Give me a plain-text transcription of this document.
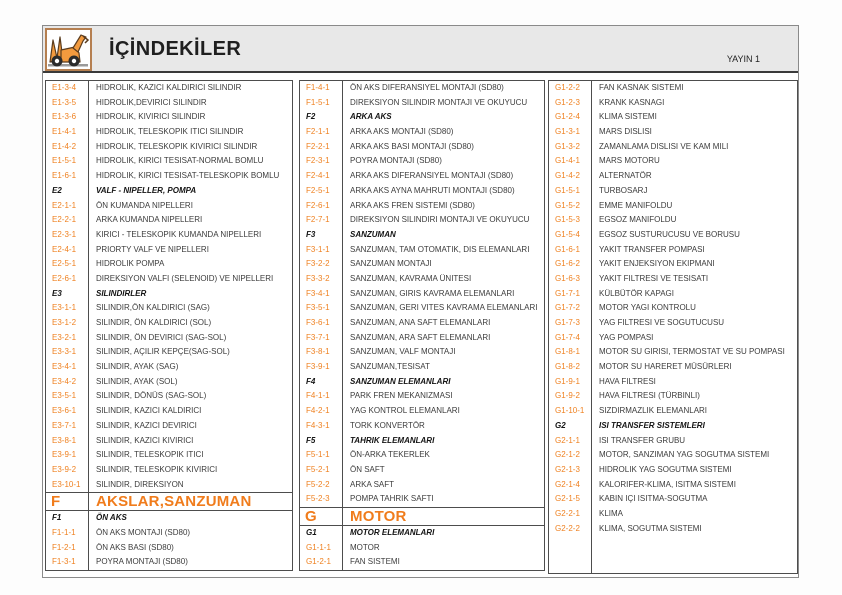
İÇİNDEKİLER	YAYIN 1
E1-3-4	HIDROLIK, KAZICI KALDIRICI SILINDIR
E1-3-5	HIDROLIK,DEVIRICI SILINDIR
E1-3-6	HIDROLIK, KIVIRICI SILINDIR
E1-4-1	HIDROLIK, TELESKOPIK ITICI SILINDIR
E1-4-2	HIDROLIK, TELESKOPIK KIVIRICI SILINDIR
E1-5-1	HIDROLIK, KIRICI TESISAT-NORMAL BOMLU
E1-6-1	HIDROLIK, KIRICI TESISAT-TELESKOPIK BOMLU
E2	VALF - NIPELLER, POMPA
E2-1-1	ÖN KUMANDA NIPELLERI
E2-2-1	ARKA KUMANDA NIPELLERI
E2-3-1	KIRICI - TELESKOPIK KUMANDA NIPELLERI
E2-4-1	PRIORTY VALF VE NIPELLERI
E2-5-1	HIDROLIK POMPA
E2-6-1	DIREKSIYON VALFI (SELENOID) VE NIPELLERI
E3	SILINDIRLER
E3-1-1	SILINDIR,ÖN KALDIRICI (SAG)
E3-1-2	SILINDIR, ÖN KALDIRICI (SOL)
E3-2-1	SILINDIR, ÖN DEVIRICI (SAG-SOL)
E3-3-1	SILINDIR, AÇILIR KEPÇE(SAG-SOL)
E3-4-1	SILINDIR, AYAK (SAG)
E3-4-2	SILINDIR, AYAK (SOL)
E3-5-1	SILINDIR, DÖNÜS (SAG-SOL)
E3-6-1	SILINDIR, KAZICI KALDIRICI
E3-7-1	SILINDIR, KAZICI DEVIRICI
E3-8-1	SILINDIR, KAZICI KIVIRICI
E3-9-1	SILINDIR, TELESKOPIK ITICI
E3-9-2	SILINDIR, TELESKOPIK KIVIRICI
E3-10-1	SILINDIR, DIREKSIYON
F	AKSLAR,SANZUMAN
F1	ÖN AKS
F1-1-1	ÖN AKS MONTAJI (SD80)
F1-2-1	ÖN AKS BASI (SD80)
F1-3-1	POYRA MONTAJI (SD80)
F1-4-1	ÖN AKS DIFERANSIYEL MONTAJI (SD80)
F1-5-1	DIREKSIYON SILINDIR MONTAJI VE OKUYUCU
F2	ARKA AKS
F2-1-1	ARKA AKS MONTAJI (SD80)
F2-2-1	ARKA AKS BASI MONTAJI (SD80)
F2-3-1	POYRA MONTAJI (SD80)
F2-4-1	ARKA AKS DIFERANSIYEL MONTAJI (SD80)
F2-5-1	ARKA AKS AYNA MAHRUTI MONTAJI (SD80)
F2-6-1	ARKA AKS FREN SISTEMI (SD80)
F2-7-1	DIREKSIYON SILINDIRI MONTAJI VE OKUYUCU
F3	SANZUMAN
F3-1-1	SANZUMAN, TAM OTOMATIK, DIS ELEMANLARI
F3-2-2	SANZUMAN MONTAJI
F3-3-2	SANZUMAN, KAVRAMA ÜNITESI
F3-4-1	SANZUMAN, GIRIS KAVRAMA ELEMANLARI
F3-5-1	SANZUMAN, GERI VITES KAVRAMA ELEMANLARI
F3-6-1	SANZUMAN, ANA SAFT ELEMANLARI
F3-7-1	SANZUMAN, ARA SAFT ELEMANLARI
F3-8-1	SANZUMAN, VALF MONTAJI
F3-9-1	SANZUMAN,TESISAT
F4	SANZUMAN ELEMANLARI
F4-1-1	PARK FREN MEKANIZMASI
F4-2-1	YAG KONTROL ELEMANLARI
F4-3-1	TORK KONVERTÖR
F5	TAHRIK ELEMANLARI
F5-1-1	ÖN-ARKA TEKERLEK
F5-2-1	ÖN SAFT
F5-2-2	ARKA SAFT
F5-2-3	POMPA TAHRIK SAFTI
G	MOTOR
G1	MOTOR ELEMANLARI
G1-1-1	MOTOR
G1-2-1	FAN SISTEMI
G1-2-2	FAN KASNAK SISTEMI
G1-2-3	KRANK KASNAGI
G1-2-4	KLIMA SISTEMI
G1-3-1	MARS DISLISI
G1-3-2	ZAMANLAMA DISLISI VE KAM MILI
G1-4-1	MARS MOTORU
G1-4-2	ALTERNATÖR
G1-5-1	TURBOSARJ
G1-5-2	EMME MANIFOLDU
G1-5-3	EGSOZ MANIFOLDU
G1-5-4	EGSOZ SUSTURUCUSU VE BORUSU
G1-6-1	YAKIT TRANSFER POMPASI
G1-6-2	YAKIT ENJEKSIYON EKIPMANI
G1-6-3	YAKIT FILTRESI VE TESISATI
G1-7-1	KÜLBÜTÖR KAPAGI
G1-7-2	MOTOR YAGI KONTROLU
G1-7-3	YAG FILTRESI VE SOGUTUCUSU
G1-7-4	YAG POMPASI
G1-8-1	MOTOR SU GIRISI, TERMOSTAT VE SU POMPASI
G1-8-2	MOTOR SU HARERET MÜSÜRLERI
G1-9-1	HAVA FILTRESI
G1-9-2	HAVA FILTRESI (TÜRBINLI)
G1-10-1	SIZDIRMAZLIK ELEMANLARI
G2	ISI TRANSFER SISTEMLERI
G2-1-1	ISI TRANSFER GRUBU
G2-1-2	MOTOR, SANZIMAN YAG SOGUTMA SISTEMI
G2-1-3	HIDROLIK YAG SOGUTMA SISTEMI
G2-1-4	KALORIFER-KLIMA, ISITMA SISTEMI
G2-1-5	KABIN IÇI ISITMA-SOGUTMA
G2-2-1	KLIMA
G2-2-2	KLIMA, SOGUTMA SISTEMI
